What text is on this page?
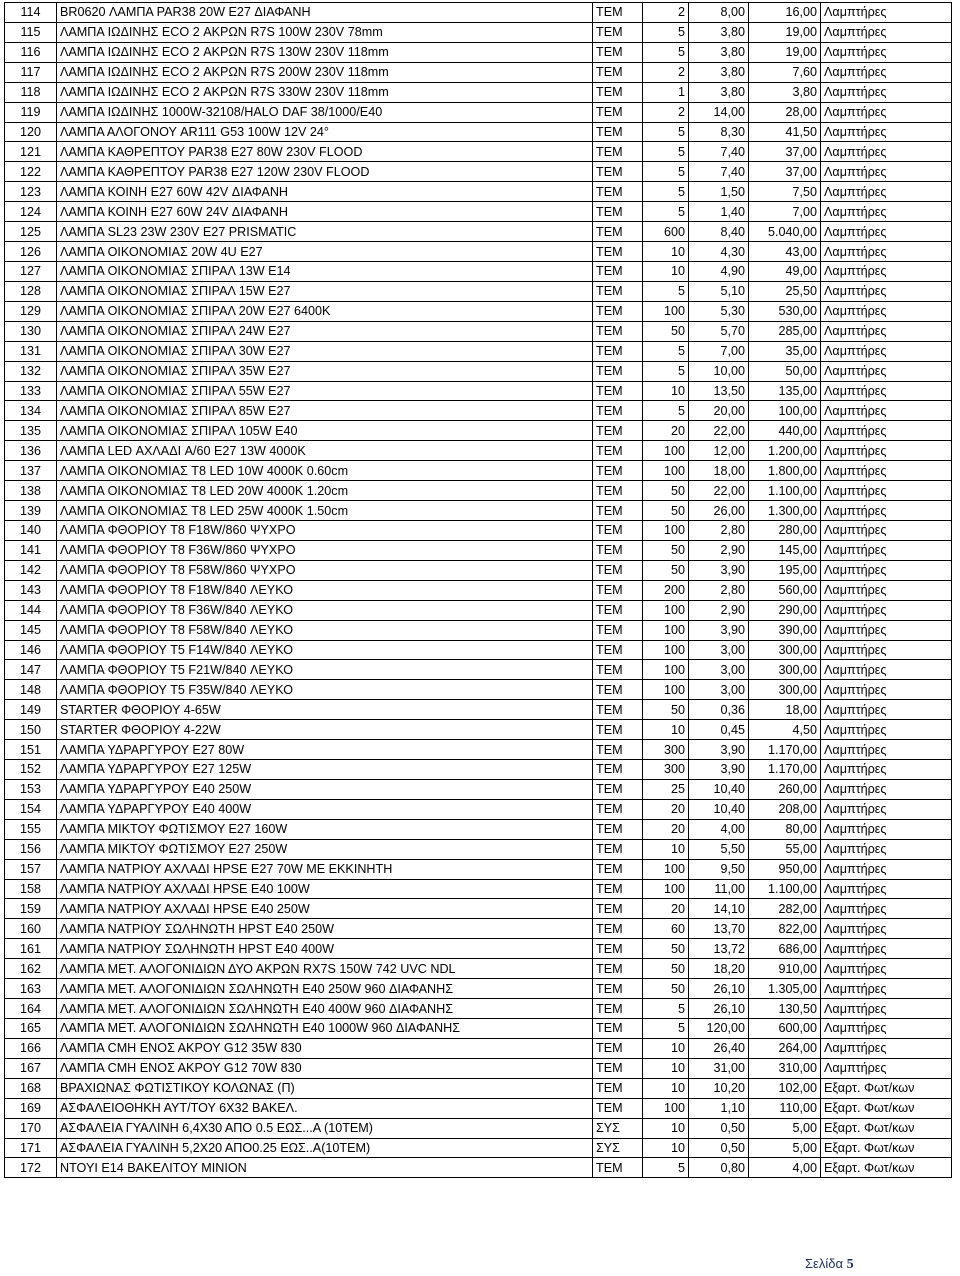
114	BR0620 ΛΑΜΠΑ PAR38 20W E27 ΔΙΑΦΑΝΗ	ΤΕΜ	2	8,00	16,00	Λαμπτήρες
115	ΛΑΜΠΑ ΙΩΔΙΝΗΣ ECO 2 ΑΚΡΩΝ R7S 100W 230V 78mm	ΤΕΜ	5	3,80	19,00	Λαμπτήρες
116	ΛΑΜΠΑ ΙΩΔΙΝΗΣ ECO 2 ΑΚΡΩΝ R7S 130W 230V 118mm	ΤΕΜ	5	3,80	19,00	Λαμπτήρες
117	ΛΑΜΠΑ ΙΩΔΙΝΗΣ ECO 2 ΑΚΡΩΝ R7S 200W 230V 118mm	ΤΕΜ	2	3,80	7,60	Λαμπτήρες
118	ΛΑΜΠΑ ΙΩΔΙΝΗΣ ECO 2 ΑΚΡΩΝ R7S 330W 230V 118mm	ΤΕΜ	1	3,80	3,80	Λαμπτήρες
119	ΛΑΜΠΑ ΙΩΔΙΝΗΣ 1000W-32108/HALO DAF 38/1000/E40	ΤΕΜ	2	14,00	28,00	Λαμπτήρες
120	ΛΑΜΠΑ ΑΛΟΓΟΝΟΥ AR111 G53 100W 12V 24°	ΤΕΜ	5	8,30	41,50	Λαμπτήρες
121	ΛΑΜΠΑ ΚΑΘΡΕΠΤΟΥ PAR38 E27 80W 230V FLOOD	ΤΕΜ	5	7,40	37,00	Λαμπτήρες
122	ΛΑΜΠΑ ΚΑΘΡΕΠΤΟΥ PAR38 E27 120W 230V FLOOD	ΤΕΜ	5	7,40	37,00	Λαμπτήρες
123	ΛΑΜΠΑ ΚΟΙΝΗ E27 60W 42V ΔΙΑΦΑΝΗ	ΤΕΜ	5	1,50	7,50	Λαμπτήρες
124	ΛΑΜΠΑ ΚΟΙΝΗ E27 60W 24V ΔΙΑΦΑΝΗ	ΤΕΜ	5	1,40	7,00	Λαμπτήρες
125	ΛΑΜΠΑ SL23 23W 230V E27 PRISMATIC	ΤΕΜ	600	8,40	5.040,00	Λαμπτήρες
126	ΛΑΜΠΑ ΟΙΚΟΝΟΜΙΑΣ 20W 4U E27	ΤΕΜ	10	4,30	43,00	Λαμπτήρες
127	ΛΑΜΠΑ ΟΙΚΟΝΟΜΙΑΣ ΣΠΙΡΑΛ 13W E14	ΤΕΜ	10	4,90	49,00	Λαμπτήρες
128	ΛΑΜΠΑ ΟΙΚΟΝΟΜΙΑΣ ΣΠΙΡΑΛ 15W E27	ΤΕΜ	5	5,10	25,50	Λαμπτήρες
129	ΛΑΜΠΑ ΟΙΚΟΝΟΜΙΑΣ ΣΠΙΡΑΛ 20W E27 6400K	ΤΕΜ	100	5,30	530,00	Λαμπτήρες
130	ΛΑΜΠΑ ΟΙΚΟΝΟΜΙΑΣ ΣΠΙΡΑΛ 24W E27	ΤΕΜ	50	5,70	285,00	Λαμπτήρες
131	ΛΑΜΠΑ ΟΙΚΟΝΟΜΙΑΣ ΣΠΙΡΑΛ 30W E27	ΤΕΜ	5	7,00	35,00	Λαμπτήρες
132	ΛΑΜΠΑ ΟΙΚΟΝΟΜΙΑΣ ΣΠΙΡΑΛ 35W E27	ΤΕΜ	5	10,00	50,00	Λαμπτήρες
133	ΛΑΜΠΑ ΟΙΚΟΝΟΜΙΑΣ ΣΠΙΡΑΛ 55W E27	ΤΕΜ	10	13,50	135,00	Λαμπτήρες
134	ΛΑΜΠΑ ΟΙΚΟΝΟΜΙΑΣ ΣΠΙΡΑΛ 85W E27	ΤΕΜ	5	20,00	100,00	Λαμπτήρες
135	ΛΑΜΠΑ ΟΙΚΟΝΟΜΙΑΣ ΣΠΙΡΑΛ 105W E40	ΤΕΜ	20	22,00	440,00	Λαμπτήρες
136	ΛΑΜΠΑ LED ΑΧΛΑΔΙ A/60 E27 13W 4000K	ΤΕΜ	100	12,00	1.200,00	Λαμπτήρες
137	ΛΑΜΠΑ ΟΙΚΟΝΟΜΙΑΣ T8 LED 10W 4000K 0.60cm	ΤΕΜ	100	18,00	1.800,00	Λαμπτήρες
138	ΛΑΜΠΑ ΟΙΚΟΝΟΜΙΑΣ T8 LED 20W 4000K 1.20cm	ΤΕΜ	50	22,00	1.100,00	Λαμπτήρες
139	ΛΑΜΠΑ ΟΙΚΟΝΟΜΙΑΣ T8 LED 25W 4000K 1.50cm	ΤΕΜ	50	26,00	1.300,00	Λαμπτήρες
140	ΛΑΜΠΑ ΦΘΟΡΙΟΥ T8 F18W/860 ΨΥΧΡΟ	ΤΕΜ	100	2,80	280,00	Λαμπτήρες
141	ΛΑΜΠΑ ΦΘΟΡΙΟΥ T8 F36W/860 ΨΥΧΡΟ	ΤΕΜ	50	2,90	145,00	Λαμπτήρες
142	ΛΑΜΠΑ ΦΘΟΡΙΟΥ T8 F58W/860 ΨΥΧΡΟ	ΤΕΜ	50	3,90	195,00	Λαμπτήρες
143	ΛΑΜΠΑ ΦΘΟΡΙΟΥ T8 F18W/840 ΛΕΥΚΟ	ΤΕΜ	200	2,80	560,00	Λαμπτήρες
144	ΛΑΜΠΑ ΦΘΟΡΙΟΥ T8 F36W/840 ΛΕΥΚΟ	ΤΕΜ	100	2,90	290,00	Λαμπτήρες
145	ΛΑΜΠΑ ΦΘΟΡΙΟΥ T8 F58W/840 ΛΕΥΚΟ	ΤΕΜ	100	3,90	390,00	Λαμπτήρες
146	ΛΑΜΠΑ ΦΘΟΡΙΟΥ T5 F14W/840 ΛΕΥΚΟ	ΤΕΜ	100	3,00	300,00	Λαμπτήρες
147	ΛΑΜΠΑ ΦΘΟΡΙΟΥ T5 F21W/840 ΛΕΥΚΟ	ΤΕΜ	100	3,00	300,00	Λαμπτήρες
148	ΛΑΜΠΑ ΦΘΟΡΙΟΥ T5 F35W/840 ΛΕΥΚΟ	ΤΕΜ	100	3,00	300,00	Λαμπτήρες
149	STARTER ΦΘΟΡΙΟΥ 4-65W	ΤΕΜ	50	0,36	18,00	Λαμπτήρες
150	STARTER ΦΘΟΡΙΟΥ 4-22W	ΤΕΜ	10	0,45	4,50	Λαμπτήρες
151	ΛΑΜΠΑ ΥΔΡΑΡΓΥΡΟΥ E27 80W	ΤΕΜ	300	3,90	1.170,00	Λαμπτήρες
152	ΛΑΜΠΑ ΥΔΡΑΡΓΥΡΟΥ E27 125W	ΤΕΜ	300	3,90	1.170,00	Λαμπτήρες
153	ΛΑΜΠΑ ΥΔΡΑΡΓΥΡΟΥ E40 250W	ΤΕΜ	25	10,40	260,00	Λαμπτήρες
154	ΛΑΜΠΑ ΥΔΡΑΡΓΥΡΟΥ E40 400W	ΤΕΜ	20	10,40	208,00	Λαμπτήρες
155	ΛΑΜΠΑ ΜΙΚΤΟΥ ΦΩΤΙΣΜΟΥ E27 160W	ΤΕΜ	20	4,00	80,00	Λαμπτήρες
156	ΛΑΜΠΑ ΜΙΚΤΟΥ ΦΩΤΙΣΜΟΥ E27 250W	ΤΕΜ	10	5,50	55,00	Λαμπτήρες
157	ΛΑΜΠΑ ΝΑΤΡΙΟΥ ΑΧΛΑΔΙ HPSE E27 70W ΜΕ ΕΚΚΙΝΗΤΗ	ΤΕΜ	100	9,50	950,00	Λαμπτήρες
158	ΛΑΜΠΑ ΝΑΤΡΙΟΥ ΑΧΛΑΔΙ HPSE E40 100W	ΤΕΜ	100	11,00	1.100,00	Λαμπτήρες
159	ΛΑΜΠΑ ΝΑΤΡΙΟΥ ΑΧΛΑΔΙ HPSE E40 250W	ΤΕΜ	20	14,10	282,00	Λαμπτήρες
160	ΛΑΜΠΑ ΝΑΤΡΙΟΥ ΣΩΛΗΝΩΤΗ HPST E40 250W	ΤΕΜ	60	13,70	822,00	Λαμπτήρες
161	ΛΑΜΠΑ ΝΑΤΡΙΟΥ ΣΩΛΗΝΩΤΗ HPST E40 400W	ΤΕΜ	50	13,72	686,00	Λαμπτήρες
162	ΛΑΜΠΑ ΜΕΤ. ΑΛΟΓΟΝΙΔΙΩΝ ΔΥΟ ΑΚΡΩΝ RX7S 150W 742 UVC NDL	ΤΕΜ	50	18,20	910,00	Λαμπτήρες
163	ΛΑΜΠΑ ΜΕΤ. ΑΛΟΓΟΝΙΔΙΩΝ ΣΩΛΗΝΩΤΗ E40 250W 960 ΔΙΑΦΑΝΗΣ	ΤΕΜ	50	26,10	1.305,00	Λαμπτήρες
164	ΛΑΜΠΑ ΜΕΤ. ΑΛΟΓΟΝΙΔΙΩΝ ΣΩΛΗΝΩΤΗ E40 400W 960 ΔΙΑΦΑΝΗΣ	ΤΕΜ	5	26,10	130,50	Λαμπτήρες
165	ΛΑΜΠΑ ΜΕΤ. ΑΛΟΓΟΝΙΔΙΩΝ ΣΩΛΗΝΩΤΗ E40 1000W 960 ΔΙΑΦΑΝΗΣ	ΤΕΜ	5	120,00	600,00	Λαμπτήρες
166	ΛΑΜΠΑ CMH ΕΝΟΣ ΑΚΡΟΥ G12 35W 830	ΤΕΜ	10	26,40	264,00	Λαμπτήρες
167	ΛΑΜΠΑ CMH ΕΝΟΣ ΑΚΡΟΥ G12 70W 830	ΤΕΜ	10	31,00	310,00	Λαμπτήρες
168	ΒΡΑΧΙΩΝΑΣ ΦΩΤΙΣΤΙΚΟΥ ΚΟΛΩΝΑΣ (Π)	ΤΕΜ	10	10,20	102,00	Εξαρτ. Φωτ/κων
169	ΑΣΦΑΛΕΙΟΘΗΚΗ ΑΥΤ/ΤΟΥ 6Χ32 ΒΑΚΕΛ.	ΤΕΜ	100	1,10	110,00	Εξαρτ. Φωτ/κων
170	ΑΣΦΑΛΕΙΑ ΓΥΑΛΙΝΗ 6,4Χ30 ΑΠΟ 0.5 ΕΩΣ...Α (10ΤΕΜ)	ΣΥΣ	10	0,50	5,00	Εξαρτ. Φωτ/κων
171	ΑΣΦΑΛΕΙΑ ΓΥΑΛΙΝΗ 5,2Χ20 ΑΠΟ0.25 ΕΩΣ..Α(10ΤΕΜ)	ΣΥΣ	10	0,50	5,00	Εξαρτ. Φωτ/κων
172	ΝΤΟΥΙ E14 ΒΑΚΕΛΙΤΟΥ ΜΙΝΙΟΝ	ΤΕΜ	5	0,80	4,00	Εξαρτ. Φωτ/κων
Σελίδα 5
